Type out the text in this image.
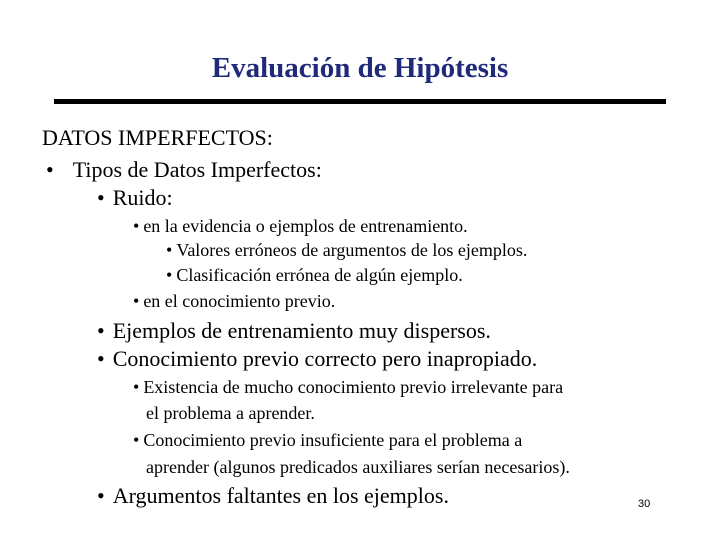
Evaluación de Hipótesis
DATOS IMPERFECTOS:
• Tipos de Datos Imperfectos:
• Ruido:
• en la evidencia o ejemplos de entrenamiento.
• Valores erróneos de argumentos de los ejemplos.
• Clasificación errónea de algún ejemplo.
• en el conocimiento previo.
• Ejemplos de entrenamiento muy dispersos.
• Conocimiento previo correcto pero inapropiado.
• Existencia de mucho conocimiento previo irrelevante para
el problema a aprender.
• Conocimiento previo insuficiente para el problema a
aprender (algunos predicados auxiliares serían necesarios).
• Argumentos faltantes en los ejemplos.	30
